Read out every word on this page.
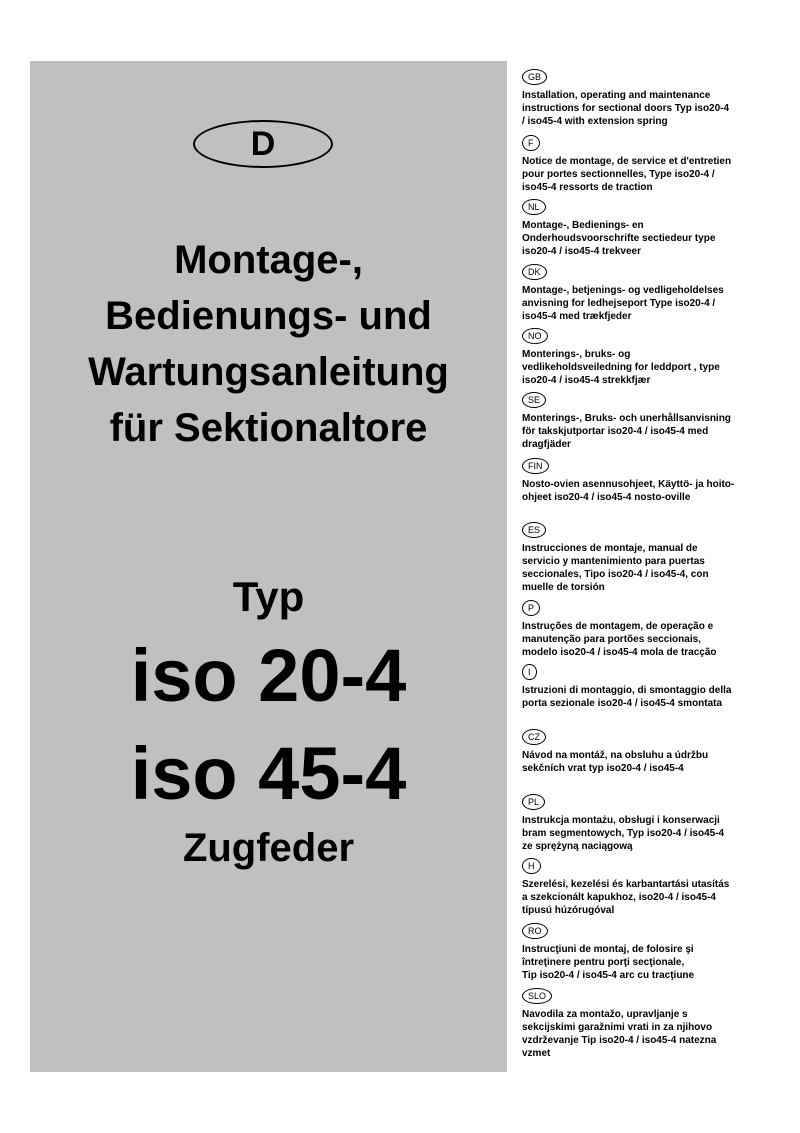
D
Montage-,
Bedienungs- und
Wartungsanleitung
für Sektionaltore
Typ
iso 20-4
iso 45-4
Zugfeder
GB
Installation, operating and maintenance
instructions for sectional doors Typ iso20-4
/ iso45-4 with extension spring
F
Notice de montage, de service et d'entretien
pour portes sectionnelles, Type iso20-4 /
iso45-4 ressorts de traction
NL
Montage-, Bedienings- en
Onderhoudsvoorschrifte sectiedeur type
iso20-4 / iso45-4 trekveer
DK
Montage-, betjenings- og vedligeholdelses
anvisning for ledhejseport Type iso20-4 /
iso45-4 med trækfjeder
NO
Monterings-, bruks- og
vedlikeholdsveiledning for leddport , type
iso20-4 / iso45-4 strekkfjær
SE
Monterings-, Bruks- och unerhållsanvisning
för takskjutportar iso20-4 / iso45-4 med
dragfjäder
FIN
Nosto-ovien asennusohjeet, Käyttö- ja hoito-
ohjeet iso20-4 / iso45-4 nosto-oville
ES
Instrucciones de montaje, manual de
servicio y mantenimiento para puertas
seccionales, Tipo iso20-4 / iso45-4, con
muelle de torsión
P
Instruções de montagem, de operação e
manutenção para portões seccionais,
modelo iso20-4 / iso45-4 mola de tracção
I
Istruzioni di montaggio, di smontaggio della
porta sezionale iso20-4 / iso45-4 smontata
CZ
Návod na montáž, na obsluhu a údržbu
sekčních vrat typ iso20-4 / iso45-4
PL
Instrukcja montażu, obsługi i konserwacji
bram segmentowych, Typ iso20-4 / iso45-4
ze sprężyną naciągową
H
Szerelési, kezelési és karbantartási utasítás
a szekcionált kapukhoz, iso20-4 / iso45-4
típusú húzórugóval
RO
Instrucţiuni de montaj, de folosire şi
întreţinere pentru porţi secţionale,
Tip iso20-4 / iso45-4 arc cu tracţiune
SLO
Navodila za montažo, upravljanje s
sekcijskimi garažnimi vrati in za njihovo
vzdrževanje Tip iso20-4 / iso45-4 natezna
vzmet
